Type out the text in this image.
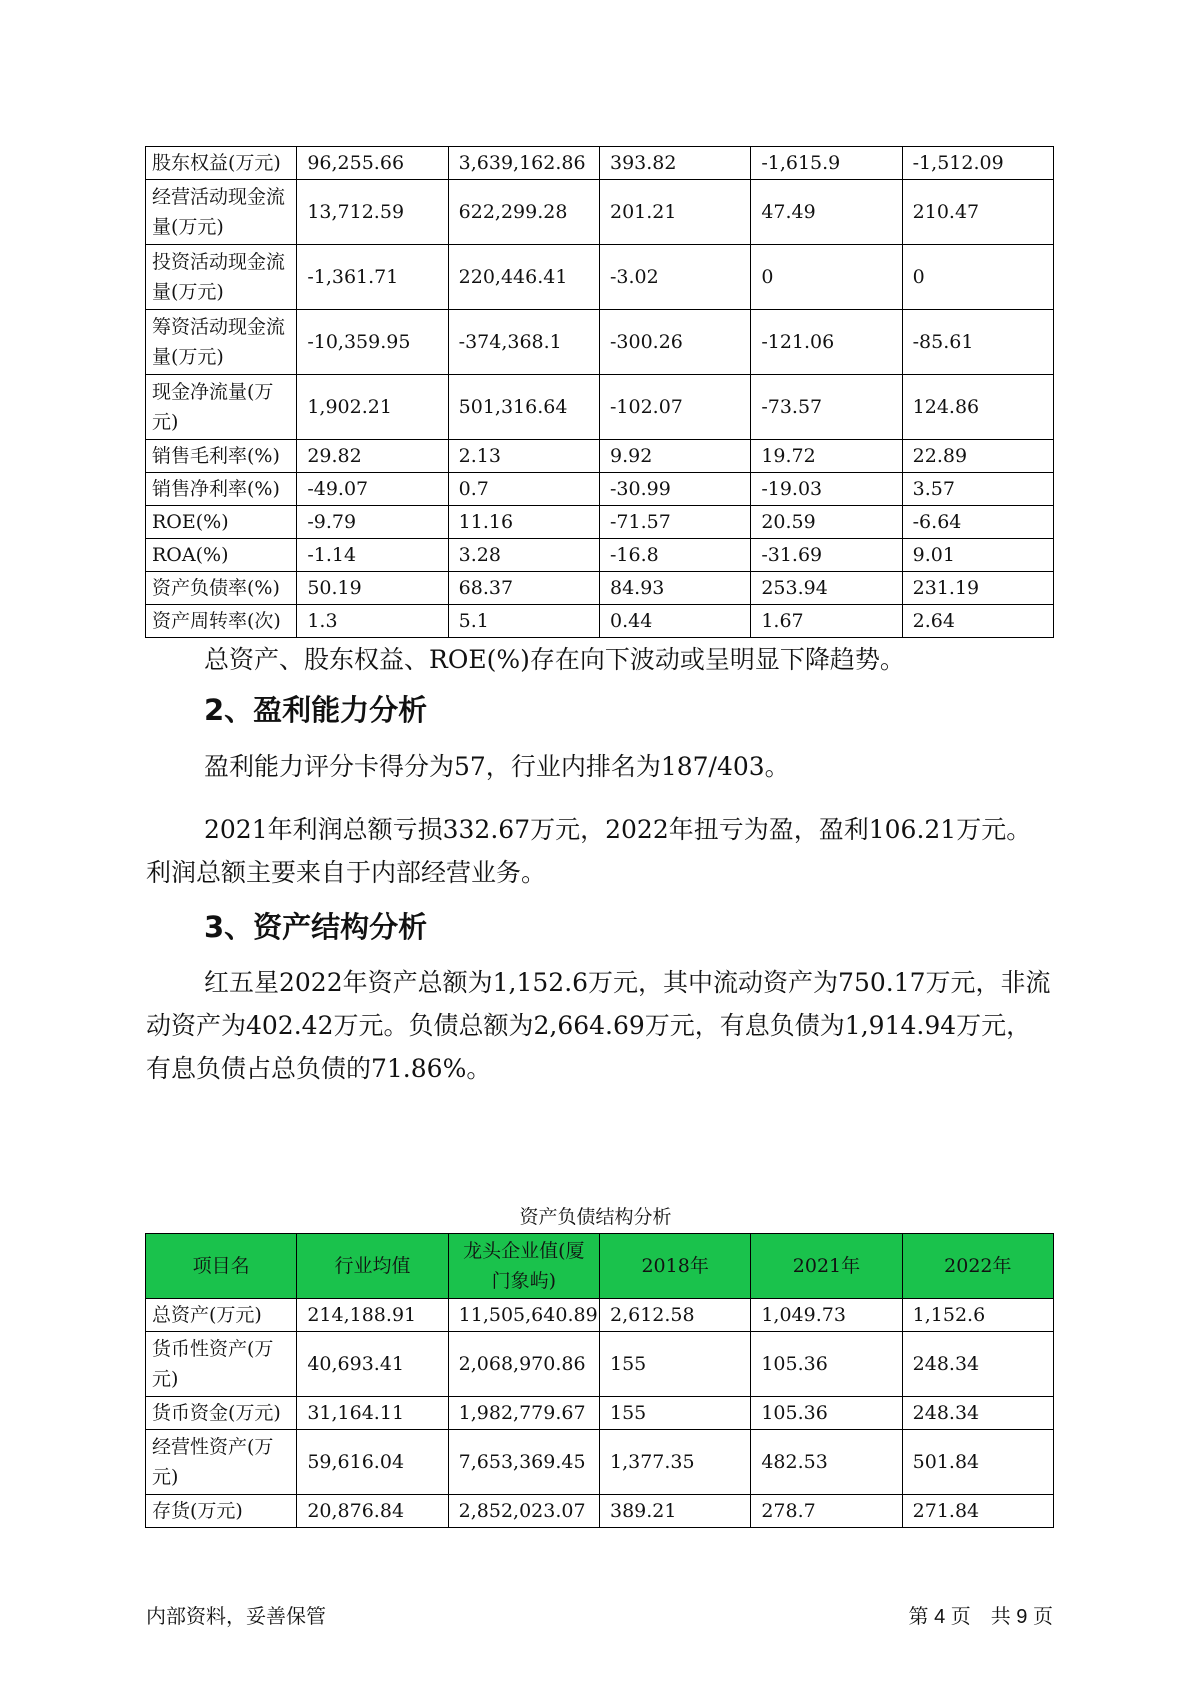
股东权益(万元)	96,255.66	3,639,162.86	393.82	-1,615.9	-1,512.09
经营活动现金流量(万元)	13,712.59	622,299.28	201.21	47.49	210.47
投资活动现金流量(万元)	-1,361.71	220,446.41	-3.02	0	0
筹资活动现金流量(万元)	-10,359.95	-374,368.1	-300.26	-121.06	-85.61
现金净流量(万元)	1,902.21	501,316.64	-102.07	-73.57	124.86
销售毛利率(%)	29.82	2.13	9.92	19.72	22.89
销售净利率(%)	-49.07	0.7	-30.99	-19.03	3.57
ROE(%)	-9.79	11.16	-71.57	20.59	-6.64
ROA(%)	-1.14	3.28	-16.8	-31.69	9.01
资产负债率(%)	50.19	68.37	84.93	253.94	231.19
资产周转率(次)	1.3	5.1	0.44	1.67	2.64
总资产、股东权益、ROE(%)存在向下波动或呈明显下降趋势。
2、盈利能力分析
盈利能力评分卡得分为57，行业内排名为187/403。
2021年利润总额亏损332.67万元，2022年扭亏为盈，盈利106.21万元。利润总额主要来自于内部经营业务。
3、资产结构分析
红五星2022年资产总额为1,152.6万元，其中流动资产为750.17万元，非流动资产为402.42万元。负债总额为2,664.69万元，有息负债为1,914.94万元，有息负债占总负债的71.86%。
资产负债结构分析
项目名	行业均值	龙头企业值(厦门象屿)	2018年	2021年	2022年
总资产(万元)	214,188.91	11,505,640.89	2,612.58	1,049.73	1,152.6
货币性资产(万元)	40,693.41	2,068,970.86	155	105.36	248.34
货币资金(万元)	31,164.11	1,982,779.67	155	105.36	248.34
经营性资产(万元)	59,616.04	7,653,369.45	1,377.35	482.53	501.84
存货(万元)	20,876.84	2,852,023.07	389.21	278.7	271.84
内部资料，妥善保管	第 4 页　共 9 页
